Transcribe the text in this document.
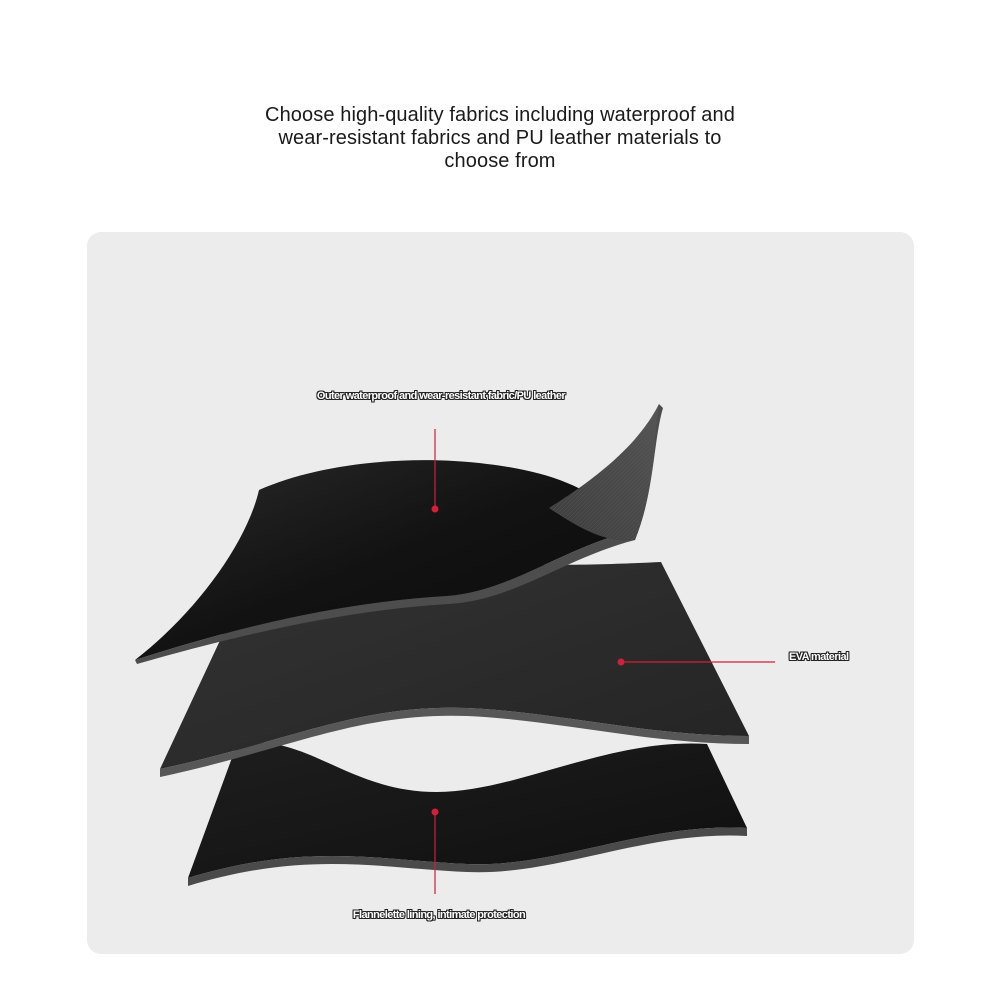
Choose high-quality fabrics including waterproof and
wear-resistant fabrics and PU leather materials to
choose from
Outer waterproof and wear-resistant fabric/PU leather
EVA material
Flannelette lining, intimate protection
